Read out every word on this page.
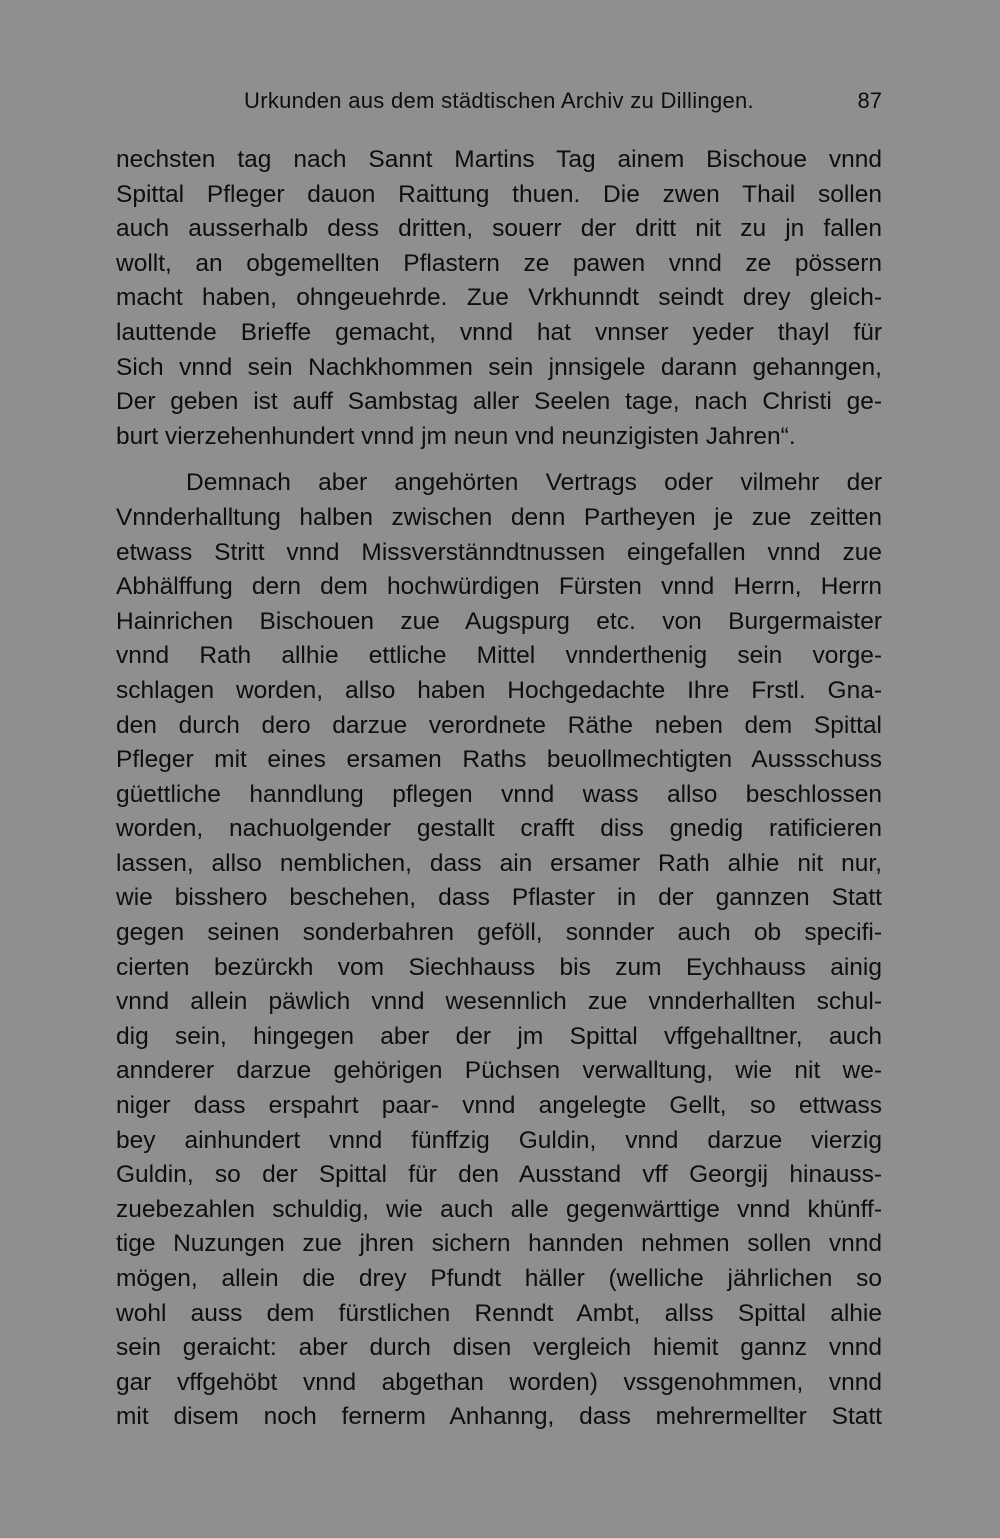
Urkunden aus dem städtischen Archiv zu Dillingen.	87
nechsten tag nach Sannt Martins Tag ainem Bischoue vnnd
Spittal Pfleger dauon Raittung thuen. Die zwen Thail sollen
auch ausserhalb dess dritten, souerr der dritt nit zu jn fallen
wollt, an obgemellten Pflastern ze pawen vnnd ze pössern
macht haben, ohngeuehrde. Zue Vrkhunndt seindt drey gleich-
lauttende Brieffe gemacht, vnnd hat vnnser yeder thayl für
Sich vnnd sein Nachkhommen sein jnnsigele darann gehanngen,
Der geben ist auff Sambstag aller Seelen tage, nach Christi ge-
burt vierzehenhundert vnnd jm neun vnd neunzigisten Jahren“.
Demnach aber angehörten Vertrags oder vilmehr der
Vnnderhalltung halben zwischen denn Partheyen je zue zeitten
etwass Stritt vnnd Missverstänndtnussen eingefallen vnnd zue
Abhälffung dern dem hochwürdigen Fürsten vnnd Herrn, Herrn
Hainrichen Bischouen zue Augspurg etc. von Burgermaister
vnnd Rath allhie ettliche Mittel vnnderthenig sein vorge-
schlagen worden, allso haben Hochgedachte Ihre Frstl. Gna-
den durch dero darzue verordnete Räthe neben dem Spittal
Pfleger mit eines ersamen Raths beuollmechtigten Aussschuss
güettliche hanndlung pflegen vnnd wass allso beschlossen
worden, nachuolgender gestallt crafft diss gnedig ratificieren
lassen, allso nemblichen, dass ain ersamer Rath alhie nit nur,
wie bisshero beschehen, dass Pflaster in der gannzen Statt
gegen seinen sonderbahren geföll, sonnder auch ob specifi-
cierten bezürckh vom Siechhauss bis zum Eychhauss ainig
vnnd allein päwlich vnnd wesennlich zue vnnderhallten schul-
dig sein, hingegen aber der jm Spittal vffgehalltner, auch
annderer darzue gehörigen Püchsen verwalltung, wie nit we-
niger dass erspahrt paar- vnnd angelegte Gellt, so ettwass
bey ainhundert vnnd fünffzig Guldin, vnnd darzue vierzig
Guldin, so der Spittal für den Ausstand vff Georgij hinauss-
zuebezahlen schuldig, wie auch alle gegenwärttige vnnd khünff-
tige Nuzungen zue jhren sichern hannden nehmen sollen vnnd
mögen, allein die drey Pfundt häller (welliche jährlichen so
wohl auss dem fürstlichen Renndt Ambt, allss Spittal alhie
sein geraicht: aber durch disen vergleich hiemit gannz vnnd
gar vffgehöbt vnnd abgethan worden) vssgenohmmen, vnnd
mit disem noch fernerm Anhanng, dass mehrermellter Statt
